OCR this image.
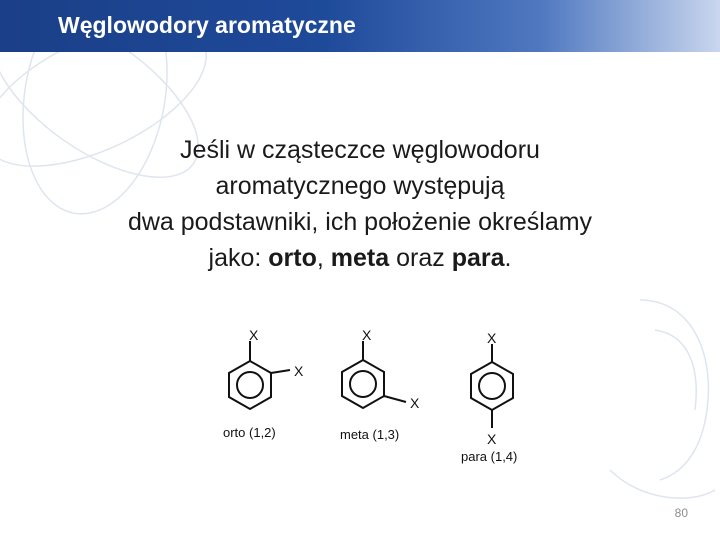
Węglowodory aromatyczne
Jeśli w cząsteczce węglowodoru
aromatycznego występują
dwa podstawniki, ich położenie określamy
jako: orto, meta oraz para.
X
X
orto (1,2)
X
X
meta (1,3)
X
X
para (1,4)
80
